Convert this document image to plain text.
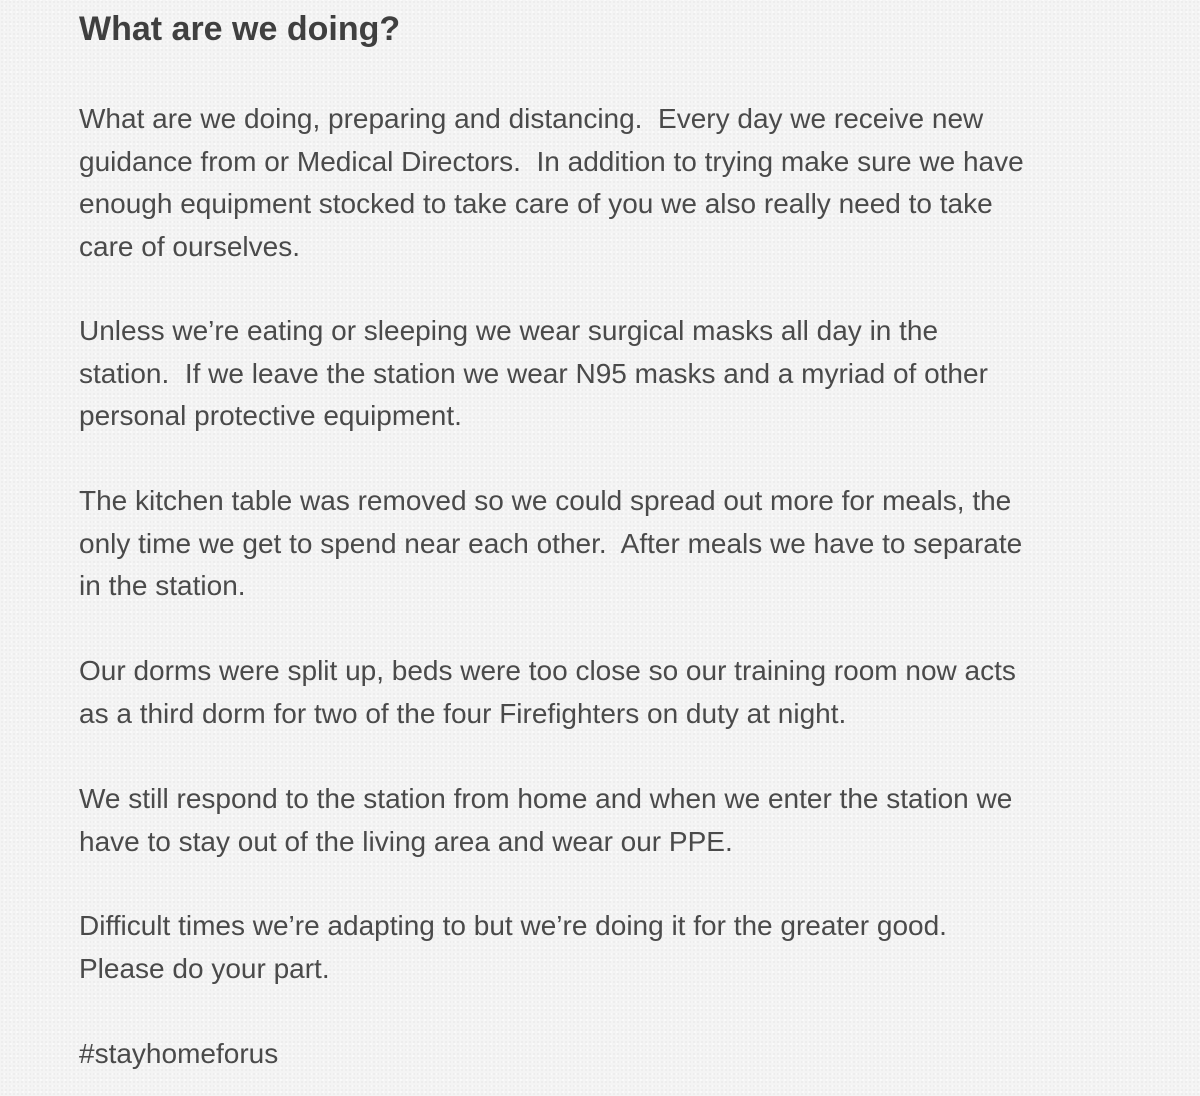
What are we doing?

What are we doing, preparing and distancing.  Every day we receive new
guidance from or Medical Directors.  In addition to trying make sure we have
enough equipment stocked to take care of you we also really need to take
care of ourselves.

Unless we’re eating or sleeping we wear surgical masks all day in the
station.  If we leave the station we wear N95 masks and a myriad of other
personal protective equipment.

The kitchen table was removed so we could spread out more for meals, the
only time we get to spend near each other.  After meals we have to separate
in the station.

Our dorms were split up, beds were too close so our training room now acts
as a third dorm for two of the four Firefighters on duty at night.

We still respond to the station from home and when we enter the station we
have to stay out of the living area and wear our PPE.

Difficult times we’re adapting to but we’re doing it for the greater good.
Please do your part.

#stayhomeforus
